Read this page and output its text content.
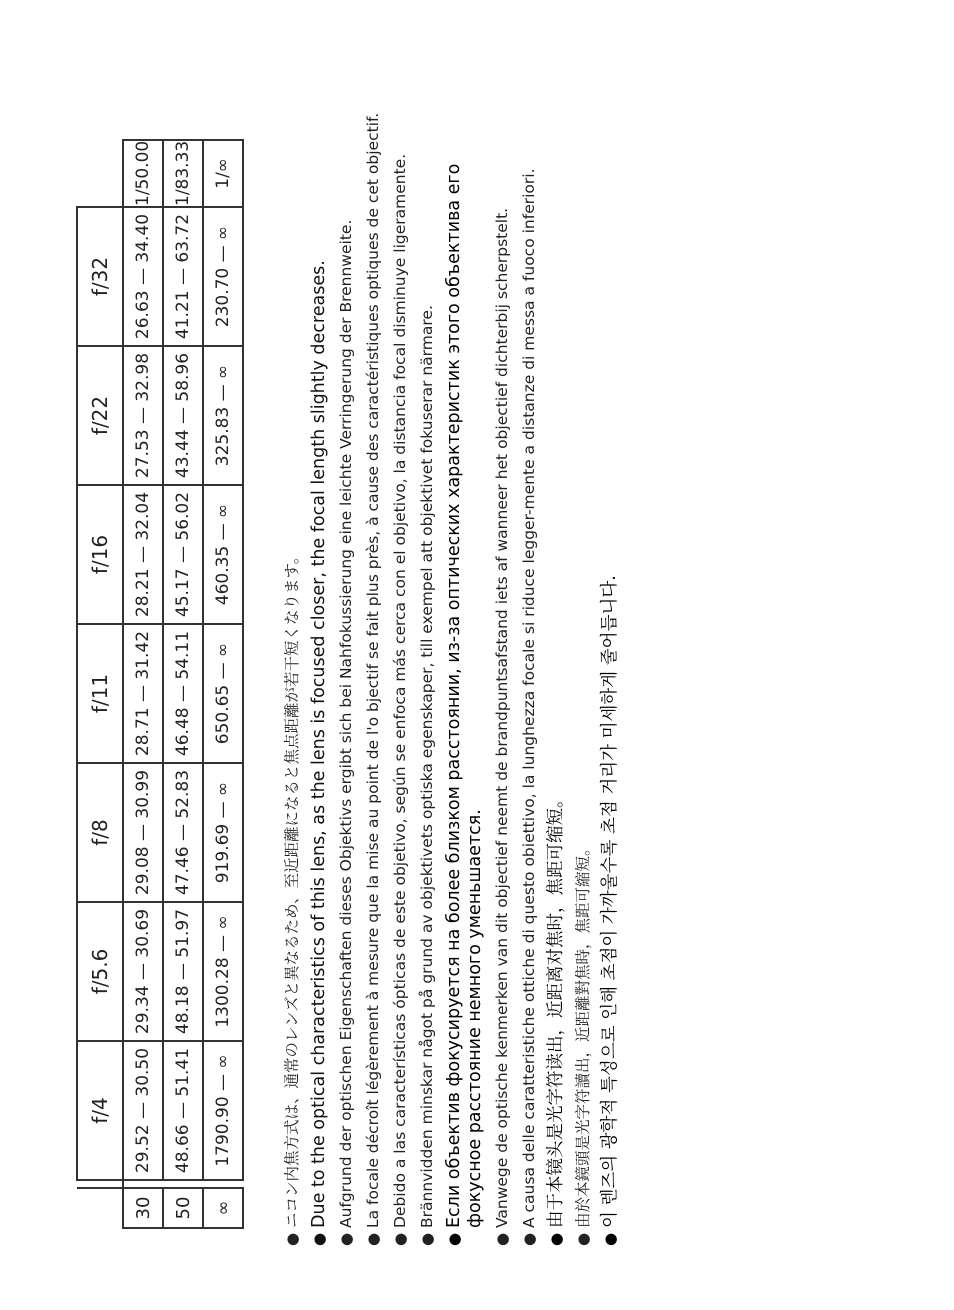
		f/4	f/5.6	f/8	f/11	f/16	f/22	f/32	
30		29.52 — 30.50	29.34 — 30.69	29.08 — 30.99	28.71 — 31.42	28.21 — 32.04	27.53 — 32.98	26.63 — 34.40	1/50.00
50		48.66 — 51.41	48.18 — 51.97	47.46 — 52.83	46.48 — 54.11	45.17 — 56.02	43.44 — 58.96	41.21 — 63.72	1/83.33
∞		1790.90 — ∞	1300.28 — ∞	919.69 — ∞	650.65 — ∞	460.35 — ∞	325.83 — ∞	230.70 — ∞	1/∞
●
ニコン内焦方式は、通常のレンズと異なるため、至近距離になると焦点距離が若干短くなります。
●
Due to the optical characteristics of this lens, as the lens is focused closer, the focal length slightly decreases.
●
Aufgrund der optischen Eigenschaften dieses Objektivs ergibt sich bei Nahfokussierung eine leichte Verringerung der Brennweite.
●
La focale décroît légèrement à mesure que la mise au point de l'o bjectif se fait plus près, à cause des caractéristiques optiques de cet objectif.
●
Debido a las características ópticas de este objetivo, según se enfoca más cerca con el objetivo, la distancia focal disminuye ligeramente.
●
Brännvidden minskar något på grund av objektivets optiska egenskaper, till exempel att objektivet fokuserar närmare.
●
Если объектив фокусируется на более близком расстоянии, из-за оптических характеристик этого объектива его фокусное расстояние немного уменьшается.
●
Vanwege de optische kenmerken van dit objectief neemt de brandpuntsafstand iets af wanneer het objectief dichterbij scherpstelt.
●
A causa delle caratteristiche ottiche di questo obiettivo, la lunghezza focale si riduce legger-mente a distanze di messa a fuoco inferiori.
●
由于本镜头是光字符读出，近距离对焦时，焦距可缩短。
●
由於本鏡頭是光字符讀出，近距離對焦時，焦距可縮短。
●
이 렌즈의 광학적 특성으로 인해 초점이 가까울수록 초점 거리가 미세하게 줄어듭니다.
